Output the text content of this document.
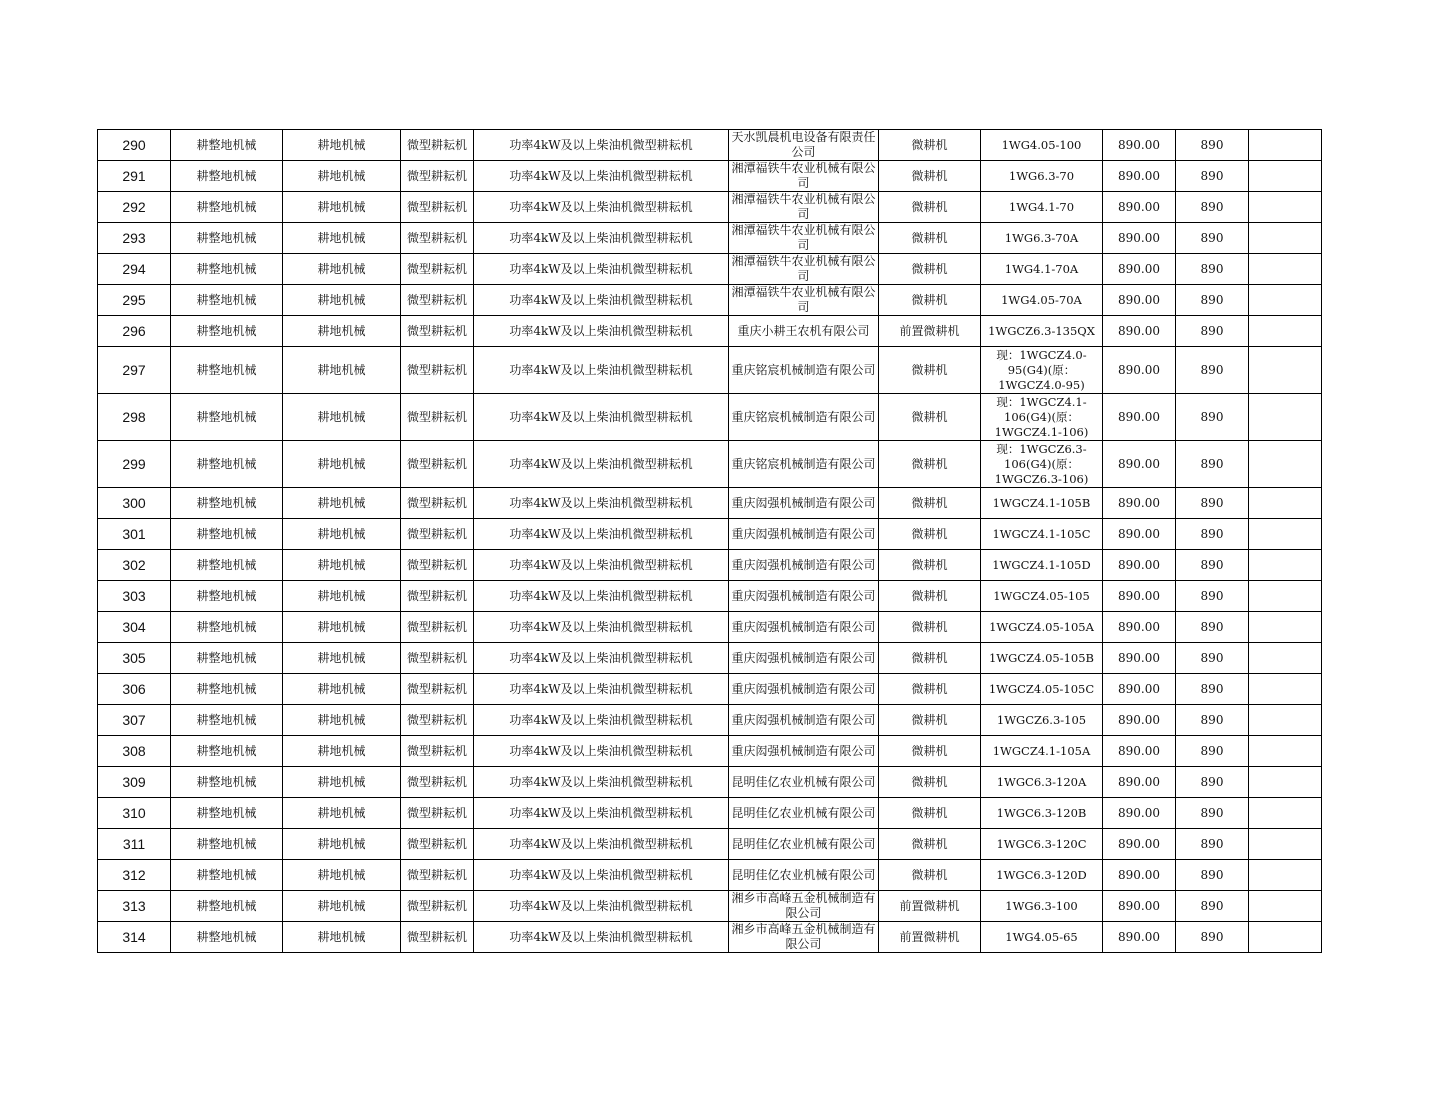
290	耕整地机械	耕地机械	微型耕耘机	功率4kW及以上柴油机微型耕耘机	天水凯晨机电设备有限责任公司	微耕机	1WG4.05-100	890.00	890	
291	耕整地机械	耕地机械	微型耕耘机	功率4kW及以上柴油机微型耕耘机	湘潭福铁牛农业机械有限公司	微耕机	1WG6.3-70	890.00	890	
292	耕整地机械	耕地机械	微型耕耘机	功率4kW及以上柴油机微型耕耘机	湘潭福铁牛农业机械有限公司	微耕机	1WG4.1-70	890.00	890	
293	耕整地机械	耕地机械	微型耕耘机	功率4kW及以上柴油机微型耕耘机	湘潭福铁牛农业机械有限公司	微耕机	1WG6.3-70A	890.00	890	
294	耕整地机械	耕地机械	微型耕耘机	功率4kW及以上柴油机微型耕耘机	湘潭福铁牛农业机械有限公司	微耕机	1WG4.1-70A	890.00	890	
295	耕整地机械	耕地机械	微型耕耘机	功率4kW及以上柴油机微型耕耘机	湘潭福铁牛农业机械有限公司	微耕机	1WG4.05-70A	890.00	890	
296	耕整地机械	耕地机械	微型耕耘机	功率4kW及以上柴油机微型耕耘机	重庆小耕王农机有限公司	前置微耕机	1WGCZ6.3-135QX	890.00	890	
297	耕整地机械	耕地机械	微型耕耘机	功率4kW及以上柴油机微型耕耘机	重庆铭宸机械制造有限公司	微耕机	现：1WGCZ4.0-95(G4)(原：1WGCZ4.0-95)	890.00	890	
298	耕整地机械	耕地机械	微型耕耘机	功率4kW及以上柴油机微型耕耘机	重庆铭宸机械制造有限公司	微耕机	现：1WGCZ4.1-106(G4)(原：1WGCZ4.1-106)	890.00	890	
299	耕整地机械	耕地机械	微型耕耘机	功率4kW及以上柴油机微型耕耘机	重庆铭宸机械制造有限公司	微耕机	现：1WGCZ6.3-106(G4)(原：1WGCZ6.3-106)	890.00	890	
300	耕整地机械	耕地机械	微型耕耘机	功率4kW及以上柴油机微型耕耘机	重庆闳强机械制造有限公司	微耕机	1WGCZ4.1-105B	890.00	890	
301	耕整地机械	耕地机械	微型耕耘机	功率4kW及以上柴油机微型耕耘机	重庆闳强机械制造有限公司	微耕机	1WGCZ4.1-105C	890.00	890	
302	耕整地机械	耕地机械	微型耕耘机	功率4kW及以上柴油机微型耕耘机	重庆闳强机械制造有限公司	微耕机	1WGCZ4.1-105D	890.00	890	
303	耕整地机械	耕地机械	微型耕耘机	功率4kW及以上柴油机微型耕耘机	重庆闳强机械制造有限公司	微耕机	1WGCZ4.05-105	890.00	890	
304	耕整地机械	耕地机械	微型耕耘机	功率4kW及以上柴油机微型耕耘机	重庆闳强机械制造有限公司	微耕机	1WGCZ4.05-105A	890.00	890	
305	耕整地机械	耕地机械	微型耕耘机	功率4kW及以上柴油机微型耕耘机	重庆闳强机械制造有限公司	微耕机	1WGCZ4.05-105B	890.00	890	
306	耕整地机械	耕地机械	微型耕耘机	功率4kW及以上柴油机微型耕耘机	重庆闳强机械制造有限公司	微耕机	1WGCZ4.05-105C	890.00	890	
307	耕整地机械	耕地机械	微型耕耘机	功率4kW及以上柴油机微型耕耘机	重庆闳强机械制造有限公司	微耕机	1WGCZ6.3-105	890.00	890	
308	耕整地机械	耕地机械	微型耕耘机	功率4kW及以上柴油机微型耕耘机	重庆闳强机械制造有限公司	微耕机	1WGCZ4.1-105A	890.00	890	
309	耕整地机械	耕地机械	微型耕耘机	功率4kW及以上柴油机微型耕耘机	昆明佳亿农业机械有限公司	微耕机	1WGC6.3-120A	890.00	890	
310	耕整地机械	耕地机械	微型耕耘机	功率4kW及以上柴油机微型耕耘机	昆明佳亿农业机械有限公司	微耕机	1WGC6.3-120B	890.00	890	
311	耕整地机械	耕地机械	微型耕耘机	功率4kW及以上柴油机微型耕耘机	昆明佳亿农业机械有限公司	微耕机	1WGC6.3-120C	890.00	890	
312	耕整地机械	耕地机械	微型耕耘机	功率4kW及以上柴油机微型耕耘机	昆明佳亿农业机械有限公司	微耕机	1WGC6.3-120D	890.00	890	
313	耕整地机械	耕地机械	微型耕耘机	功率4kW及以上柴油机微型耕耘机	湘乡市高峰五金机械制造有限公司	前置微耕机	1WG6.3-100	890.00	890	
314	耕整地机械	耕地机械	微型耕耘机	功率4kW及以上柴油机微型耕耘机	湘乡市高峰五金机械制造有限公司	前置微耕机	1WG4.05-65	890.00	890	
